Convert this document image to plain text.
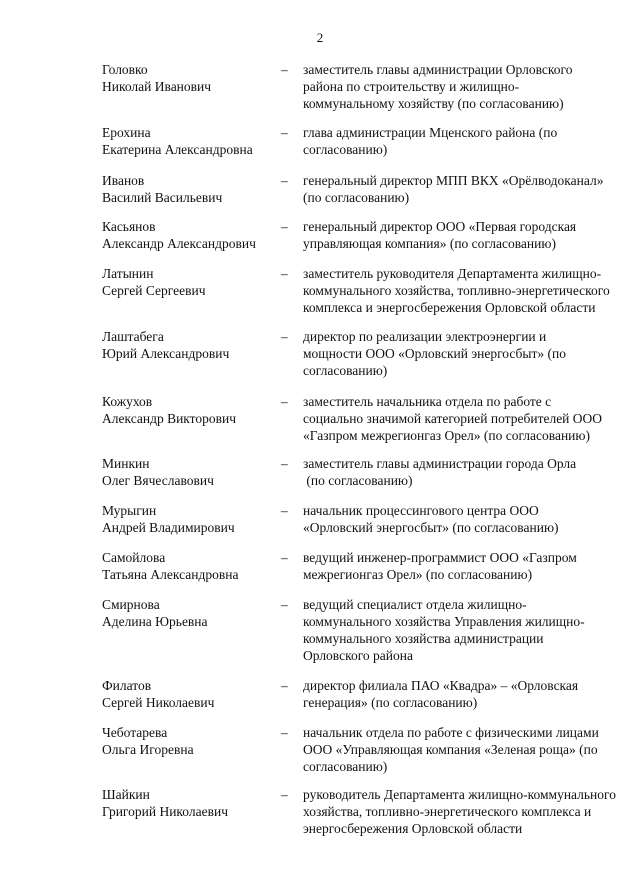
2
Головко
Николай Иванович
– заместитель главы администрации Орловского
района по строительству и жилищно-
коммунальному хозяйству (по согласованию)
Ерохина
Екатерина Александровна
– глава администрации Мценского района (по
согласованию)
Иванов
Василий Васильевич
– генеральный директор МПП ВКХ «Орёлводоканал»
(по согласованию)
Касьянов
Александр Александрович
– генеральный директор ООО «Первая городская
управляющая компания» (по согласованию)
Латынин
Сергей Сергеевич
– заместитель руководителя Департамента жилищно-
коммунального хозяйства, топливно-энергетического
комплекса и энергосбережения Орловской области
Лаштабега
Юрий Александрович
– директор по реализации электроэнергии и
мощности ООО «Орловский энергосбыт» (по
согласованию)
Кожухов
Александр Викторович
– заместитель начальника отдела по работе с
социально значимой категорией потребителей ООО
«Газпром межрегионгаз Орел» (по согласованию)
Минкин
Олег Вячеславович
– заместитель главы администрации города Орла
(по согласованию)
Мурыгин
Андрей Владимирович
– начальник процессингового центра ООО
«Орловский энергосбыт» (по согласованию)
Самойлова
Татьяна Александровна
– ведущий инженер-программист ООО «Газпром
межрегионгаз Орел» (по согласованию)
Смирнова
Аделина Юрьевна
– ведущий специалист отдела жилищно-
коммунального хозяйства Управления жилищно-
коммунального хозяйства администрации
Орловского района
Филатов
Сергей Николаевич
– директор филиала ПАО «Квадра» – «Орловская
генерация» (по согласованию)
Чеботарева
Ольга Игоревна
– начальник отдела по работе с физическими лицами
ООО «Управляющая компания «Зеленая роща» (по
согласованию)
Шайкин
Григорий Николаевич
– руководитель Департамента жилищно-коммунального
хозяйства, топливно-энергетического комплекса и
энергосбережения Орловской области
